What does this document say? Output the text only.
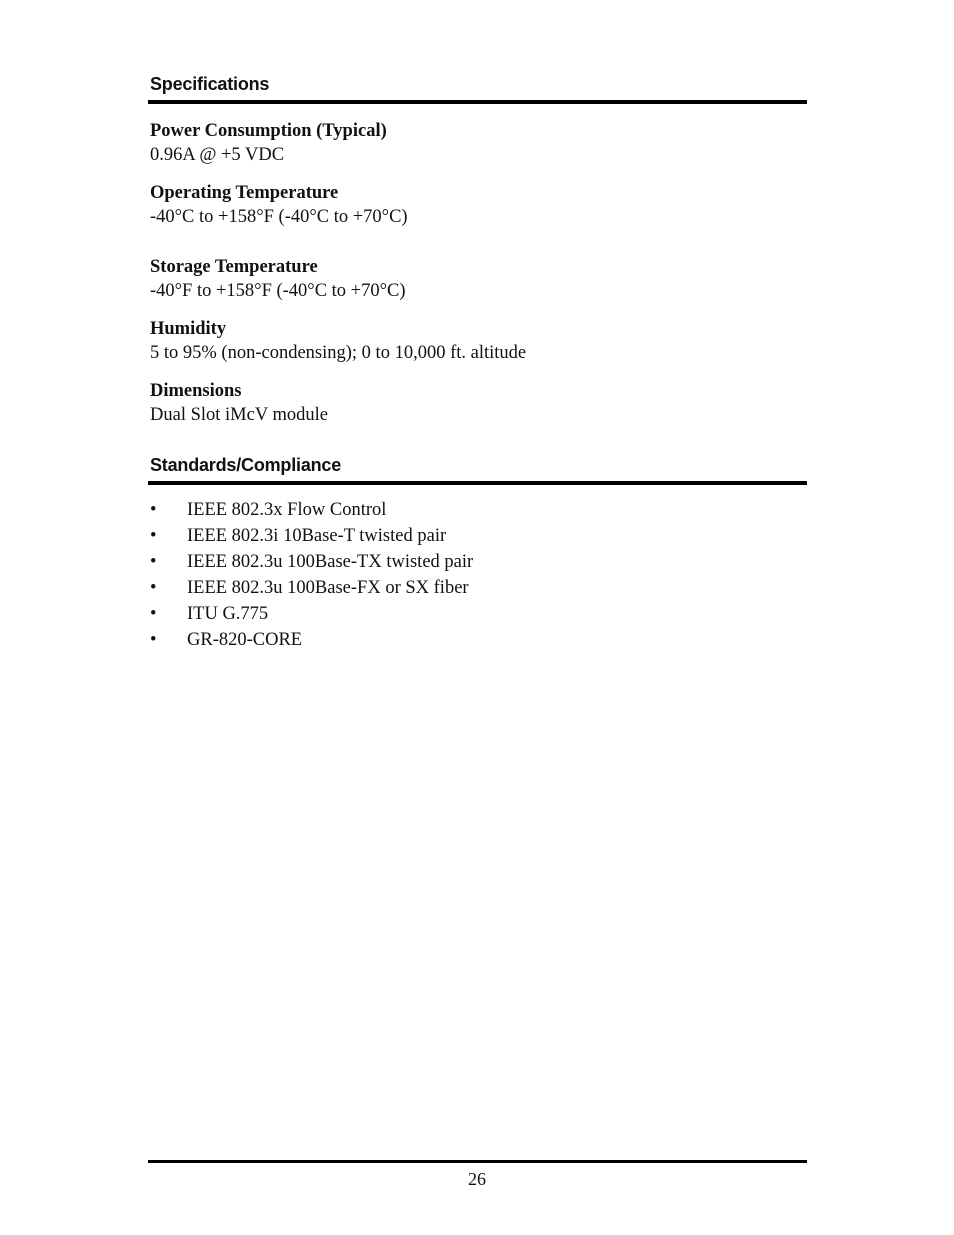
Specifications

Power Consumption (Typical)

0.96A @ +5 VDC

Operating Temperature

-40°C to +158°F (-40°C to +70°C)

Storage Temperature

-40°F to +158°F (-40°C to +70°C)

Humidity

5 to 95% (non-condensing); 0 to 10,000 ft. altitude

Dimensions

Dual Slot iMcV module

Standards/Compliance
• IEEE 802.3x Flow Control
• IEEE 802.3i 10Base-T twisted pair
• IEEE 802.3u 100Base-TX twisted pair
• IEEE 802.3u 100Base-FX or SX fiber
• ITU G.775
• GR-820-CORE
26
